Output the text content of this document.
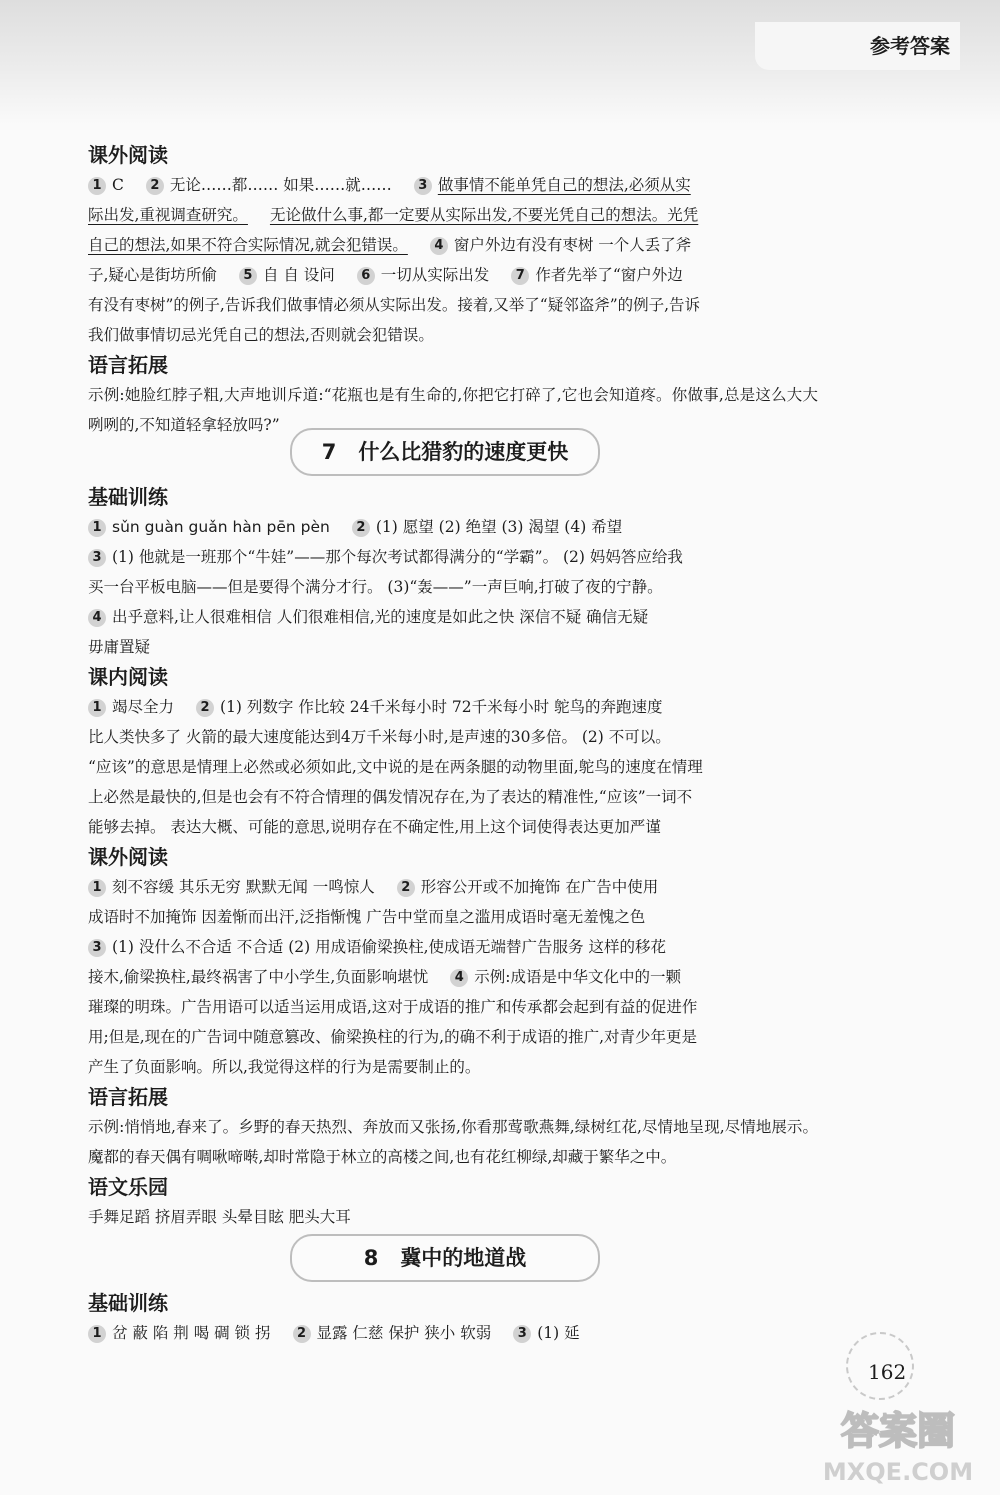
参考答案

课外阅读

1 C 2 无论……都…… 如果……就…… 3 做事情不能单凭自己的想法,必须从实

际出发,重视调查研究。 无论做什么事,都一定要从实际出发,不要光凭自己的想法。光凭

自己的想法,如果不符合实际情况,就会犯错误。 4 窗户外边有没有枣树 一个人丢了斧

子,疑心是街坊所偷 5 自 自 设问 6 一切从实际出发 7 作者先举了“窗户外边

有没有枣树”的例子,告诉我们做事情必须从实际出发。接着,又举了“疑邻盗斧”的例子,告诉

我们做事情切忌光凭自己的想法,否则就会犯错误。

语言拓展

示例:她脸红脖子粗,大声地训斥道:“花瓶也是有生命的,你把它打碎了,它也会知道疼。你做事,总是这么大大咧咧的,不知道轻拿轻放吗?”

7 什么比猎豹的速度更快

基础训练

1 sǔn guàn guǎn hàn pēn pèn 2 (1) 愿望 (2) 绝望 (3) 渴望 (4) 希望

3 (1) 他就是一班那个“牛娃”——那个每次考试都得满分的“学霸”。 (2) 妈妈答应给我

买一台平板电脑——但是要得个满分才行。 (3)“轰——”一声巨响,打破了夜的宁静。

4 出乎意料,让人很难相信 人们很难相信,光的速度是如此之快 深信不疑 确信无疑

毋庸置疑

课内阅读

1 竭尽全力 2 (1) 列数字 作比较 24千米每小时 72千米每小时 鸵鸟的奔跑速度

比人类快多了 火箭的最大速度能达到4万千米每小时,是声速的30多倍。 (2) 不可以。

“应该”的意思是情理上必然或必须如此,文中说的是在两条腿的动物里面,鸵鸟的速度在情理

上必然是最快的,但是也会有不符合情理的偶发情况存在,为了表达的精准性,“应该”一词不

能够去掉。 表达大概、可能的意思,说明存在不确定性,用上这个词使得表达更加严谨

课外阅读

1 刻不容缓 其乐无穷 默默无闻 一鸣惊人 2 形容公开或不加掩饰 在广告中使用

成语时不加掩饰 因羞惭而出汗,泛指惭愧 广告中堂而皇之滥用成语时毫无羞愧之色

3 (1) 没什么不合适 不合适 (2) 用成语偷梁换柱,使成语无端替广告服务 这样的移花

接木,偷梁换柱,最终祸害了中小学生,负面影响堪忧 4 示例:成语是中华文化中的一颗

璀璨的明珠。广告用语可以适当运用成语,这对于成语的推广和传承都会起到有益的促进作

用;但是,现在的广告词中随意篡改、偷梁换柱的行为,的确不利于成语的推广,对青少年更是

产生了负面影响。所以,我觉得这样的行为是需要制止的。

语言拓展

示例:悄悄地,春来了。乡野的春天热烈、奔放而又张扬,你看那莺歌燕舞,绿树红花,尽情地呈现,尽情地展示。魔都的春天偶有啁啾啼啭,却时常隐于林立的高楼之间,也有花红柳绿,却藏于繁华之中。

语文乐园

手舞足蹈 挤眉弄眼 头晕目眩 肥头大耳

8 冀中的地道战

基础训练

1 岔 蔽 陷 荆 喝 碉 锁 拐 2 显露 仁慈 保护 狭小 软弱 3 (1) 延

162
答案圈
MXQE.COM
